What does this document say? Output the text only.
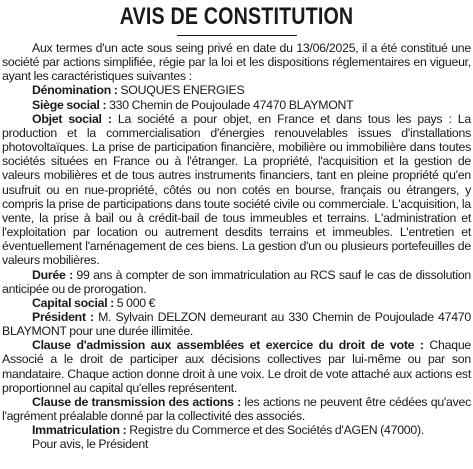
AVIS DE CONSTITUTION

Aux termes d'un acte sous seing privé en date du 13/06/2025, il a été constitué une société par actions simplifiée, régie par la loi et les dispositions réglementaires en vigueur, ayant les caractéristiques suivantes :

Dénomination : SOUQUES ENERGIES

Siège social : 330 Chemin de Poujoulade 47470 BLAYMONT

Objet social : La société a pour objet, en France et dans tous les pays : La production et la commercialisation d'énergies renouvelables issues d'installations photovoltaïques. La prise de participation financière, mobilière ou immobilière dans toutes sociétés situées en France ou à l'étranger. La propriété, l'acquisition et la gestion de valeurs mobilières et de tous autres instruments financiers, tant en pleine propriété qu'en usufruit ou en nue-propriété, côtés ou non cotés en bourse, français ou étrangers, y compris la prise de participations dans toute société civile ou commerciale. L'acquisition, la vente, la prise à bail ou à crédit-bail de tous immeubles et terrains. L'administration et l'exploitation par location ou autrement desdits terrains et immeubles. L'entretien et éventuellement l'aménagement de ces biens. La gestion d'un ou plusieurs portefeuilles de valeurs mobilières.

Durée : 99 ans à compter de son immatriculation au RCS sauf le cas de dissolution anticipée ou de prorogation.

Capital social : 5 000 €

Président : M. Sylvain DELZON demeurant au 330 Chemin de Poujoulade 47470 BLAYMONT pour une durée illimitée.

Clause d'admission aux assemblées et exercice du droit de vote : Chaque Associé a le droit de participer aux décisions collectives par lui-même ou par son mandataire. Chaque action donne droit à une voix. Le droit de vote attaché aux actions est proportionnel au capital qu'elles représentent.

Clause de transmission des actions : les actions ne peuvent être cédées qu'avec l'agrément préalable donné par la collectivité des associés.

Immatriculation : Registre du Commerce et des Sociétés d'AGEN (47000).

Pour avis, le Président
